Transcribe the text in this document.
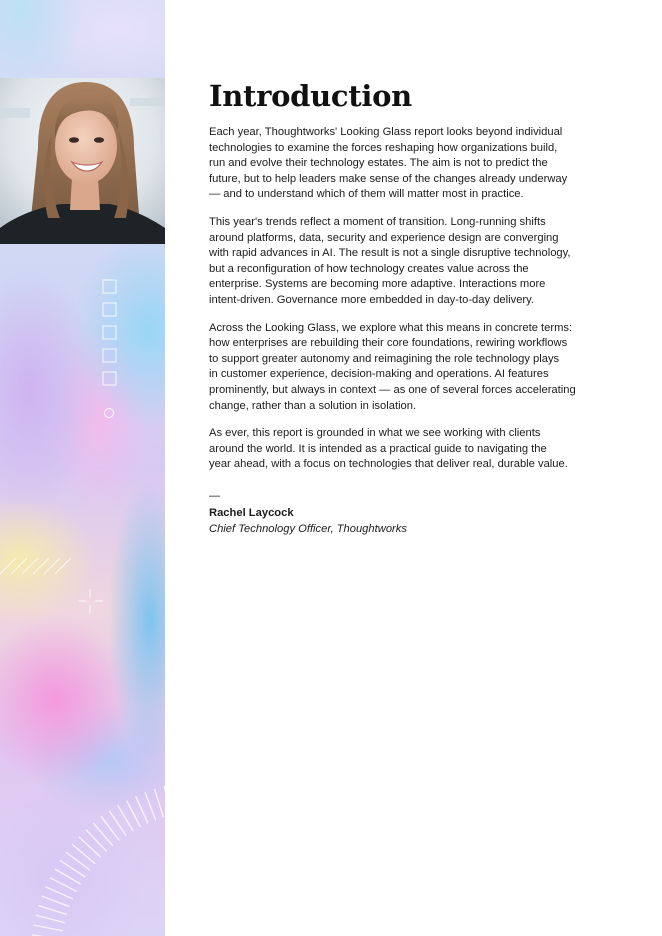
Introduction

Each year, Thoughtworks' Looking Glass report looks beyond individual
technologies to examine the forces reshaping how organizations build,
run and evolve their technology estates. The aim is not to predict the
future, but to help leaders make sense of the changes already underway
— and to understand which of them will matter most in practice.

This year's trends reflect a moment of transition. Long-running shifts
around platforms, data, security and experience design are converging
with rapid advances in AI. The result is not a single disruptive technology,
but a reconfiguration of how technology creates value across the
enterprise. Systems are becoming more adaptive. Interactions more
intent-driven. Governance more embedded in day-to-day delivery.

Across the Looking Glass, we explore what this means in concrete terms:
how enterprises are rebuilding their core foundations, rewiring workflows
to support greater autonomy and reimagining the role technology plays
in customer experience, decision-making and operations. AI features
prominently, but always in context — as one of several forces accelerating
change, rather than a solution in isolation.

As ever, this report is grounded in what we see working with clients
around the world. It is intended as a practical guide to navigating the
year ahead, with a focus on technologies that deliver real, durable value.

—
Rachel Laycock
Chief Technology Officer, Thoughtworks
